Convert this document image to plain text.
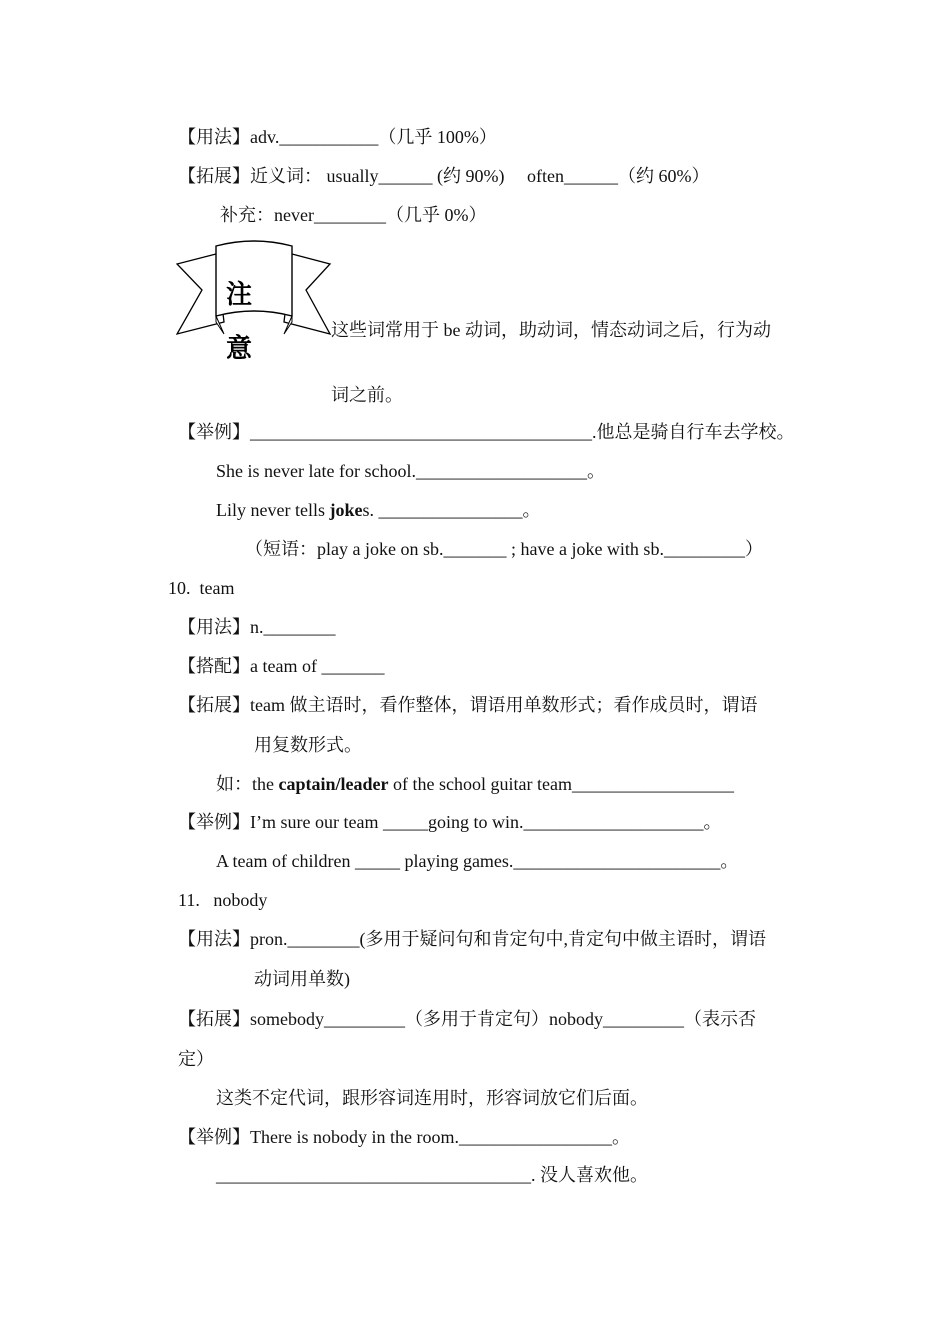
【用法】adv.___________（几乎 100%）
【拓展】近义词： usually______ (约 90%)     often______（约 60%）
补充：never________（几乎 0%）
注
意
这些词常用于 be 动词，助动词，情态动词之后，行为动
词之前。
【举例】______________________________________.他总是骑自行车去学校。
She is never late for school.___________________。
Lily never tells jokes. ________________。
（短语：play a joke on sb._______ ; have a joke with sb._________）
10.  team
【用法】n.________
【搭配】a team of _______
【拓展】team 做主语时，看作整体，谓语用单数形式；看作成员时，谓语
用复数形式。
如：the captain/leader of the school guitar team__________________
【举例】I’m sure our team _____going to win.____________________。
A team of children _____ playing games._______________________。
11.   nobody
【用法】pron.________(多用于疑问句和肯定句中,肯定句中做主语时，谓语
动词用单数)
【拓展】somebody_________（多用于肯定句）nobody_________（表示否
定）
这类不定代词，跟形容词连用时，形容词放它们后面。
【举例】There is nobody in the room._________________。
___________________________________. 没人喜欢他。
